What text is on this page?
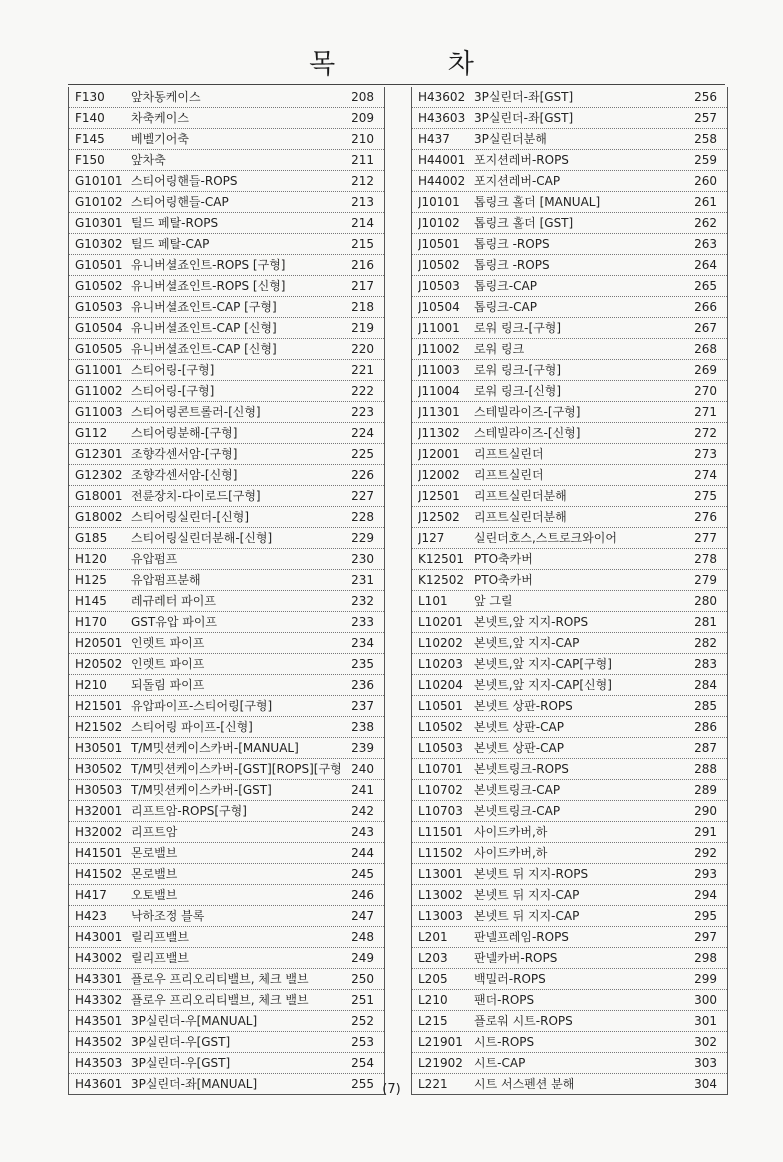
목 차
F130	앞차동케이스	208
F140	차축케이스	209
F145	베벨기어축	210
F150	앞차축	211
G10101 스티어링핸들-ROPS	212
G10102 스티어링핸들-CAP	213
G10301 틸드 페탈-ROPS	214
G10302 틸드 페탈-CAP	215
G10501 유니버셜죠인트-ROPS [구형]	216
G10502 유니버셜죠인트-ROPS [신형]	217
G10503 유니버셜죠인트-CAP [구형]	218
G10504 유니버셜죠인트-CAP [신형]	219
G10505 유니버셜죠인트-CAP [신형]	220
G11001 스티어링-[구형]	221
G11002 스티어링-[구형]	222
G11003 스티어링콘트롤러-[신형]	223
G112	스티어링분해-[구형]	224
G12301 조향각센서암-[구형]	225
G12302 조향각센서암-[신형]	226
G18001 전륜장치-다이로드[구형]	227
G18002 스티어링실린더-[신형]	228
G185	스티어링실린더분해-[신형]	229
H120	유압펌프	230
H125	유압펌프분해	231
H145	레규레터 파이프	232
H170	GST유압 파이프	233
H20501 인렛트 파이프	234
H20502 인렛트 파이프	235
H210	되돌림 파이프	236
H21501 유압파이프-스티어링[구형]	237
H21502 스티어링 파이프-[신형]	238
H30501 T/M밋션케이스카버-[MANUAL]	239
H30502 T/M밋션케이스카버-[GST][ROPS][구형 240
H30503 T/M밋션케이스카버-[GST]	241
H32001 리프트암-ROPS[구형]	242
H32002 리프트암	243
H41501 몬로밸브	244
H41502 몬로밸브	245
H417	오토밸브	246
H423	낙하조정 블록	247
H43001 릴리프밸브	248
H43002 릴리프밸브	249
H43301 플로우 프리오리티밸브, 체크 밸브	250
H43302 플로우 프리오리티밸브, 체크 밸브	251
H43501 3P실린더-우[MANUAL]	252
H43502 3P실린더-우[GST]	253
H43503 3P실린더-우[GST]	254
H43601 3P실린더-좌[MANUAL]	255
H43602 3P실린더-좌[GST]	256
H43603 3P실린더-좌[GST]	257
H437	3P실린더분해	258
H44001 포지션레버-ROPS	259
H44002 포지션레버-CAP	260
J10101	톱링크 홀더 [MANUAL]	261
J10102	톱링크 홀더 [GST]	262
J10501	톱링크 -ROPS	263
J10502	톱링크 -ROPS	264
J10503	톱링크-CAP	265
J10504	톱링크-CAP	266
J11001	로워 링크-[구형]	267
J11002	로워 링크	268
J11003	로워 링크-[구형]	269
J11004	로워 링크-[신형]	270
J11301	스테빌라이즈-[구형]	271
J11302	스테빌라이즈-[신형]	272
J12001	리프트실린더	273
J12002	리프트실린더	274
J12501	리프트실린더분해	275
J12502	리프트실린더분해	276
J127	실린더호스,스트로크와이어	277
K12501 PTO축카버	278
K12502 PTO축카버	279
L101	앞 그릴	280
L10201 본넷트,앞 지지-ROPS	281
L10202 본넷트,앞 지지-CAP	282
L10203 본넷트,앞 지지-CAP[구형]	283
L10204 본넷트,앞 지지-CAP[신형]	284
L10501 본넷트 상판-ROPS	285
L10502 본넷트 상판-CAP	286
L10503 본넷트 상판-CAP	287
L10701 본넷트링크-ROPS	288
L10702 본넷트링크-CAP	289
L10703 본넷트링크-CAP	290
L11501 사이드카버,하	291
L11502 사이드카버,하	292
L13001 본넷트 뒤 지지-ROPS	293
L13002 본넷트 뒤 지지-CAP	294
L13003 본넷트 뒤 지지-CAP	295
L201	판넬프레임-ROPS	297
L203	판넬카버-ROPS	298
L205	백밀러-ROPS	299
L210	팬더-ROPS	300
L215	플로워 시트-ROPS	301
L21901 시트-ROPS	302
L21902 시트-CAP	303
L221	시트 서스펜션 분해	304
(7)
